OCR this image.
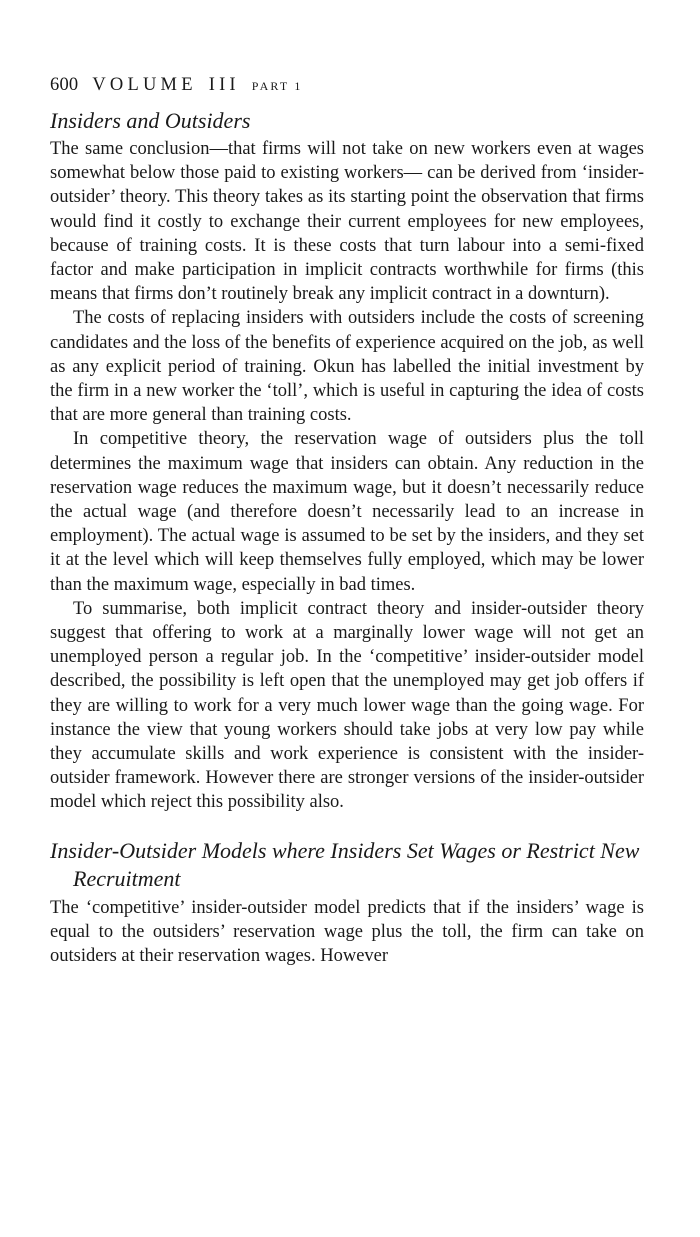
600 VOLUME III PART 1
Insiders and Outsiders

The same conclusion—that firms will not take on new workers even at wages somewhat below those paid to existing workers— can be derived from ‘insider-outsider’ theory. This theory takes as its starting point the observation that firms would find it costly to exchange their current employees for new employees, because of training costs. It is these costs that turn labour into a semi-fixed factor and make participation in implicit contracts worthwhile for firms (this means that firms don’t routinely break any implicit contract in a downturn).

The costs of replacing insiders with outsiders include the costs of screening candidates and the loss of the benefits of experience acquired on the job, as well as any explicit period of training. Okun has labelled the initial investment by the firm in a new worker the ‘toll’, which is useful in capturing the idea of costs that are more general than training costs.

In competitive theory, the reservation wage of outsiders plus the toll determines the maximum wage that insiders can obtain. Any reduction in the reservation wage reduces the maximum wage, but it doesn’t necessarily reduce the actual wage (and therefore doesn’t necessarily lead to an increase in employment). The actual wage is assumed to be set by the insiders, and they set it at the level which will keep themselves fully employed, which may be lower than the maximum wage, especially in bad times.

To summarise, both implicit contract theory and insider-outsider theory suggest that offering to work at a marginally lower wage will not get an unemployed person a regular job. In the ‘competitive’ insider-outsider model described, the possibility is left open that the unemployed may get job offers if they are willing to work for a very much lower wage than the going wage. For instance the view that young workers should take jobs at very low pay while they accumulate skills and work experience is consistent with the insider-outsider framework. However there are stronger versions of the insider-outsider model which reject this possibility also.

Insider-Outsider Models where Insiders Set Wages or Restrict New Recruitment

The ‘competitive’ insider-outsider model predicts that if the insiders’ wage is equal to the outsiders’ reservation wage plus the toll, the firm can take on outsiders at their reservation wages. However
